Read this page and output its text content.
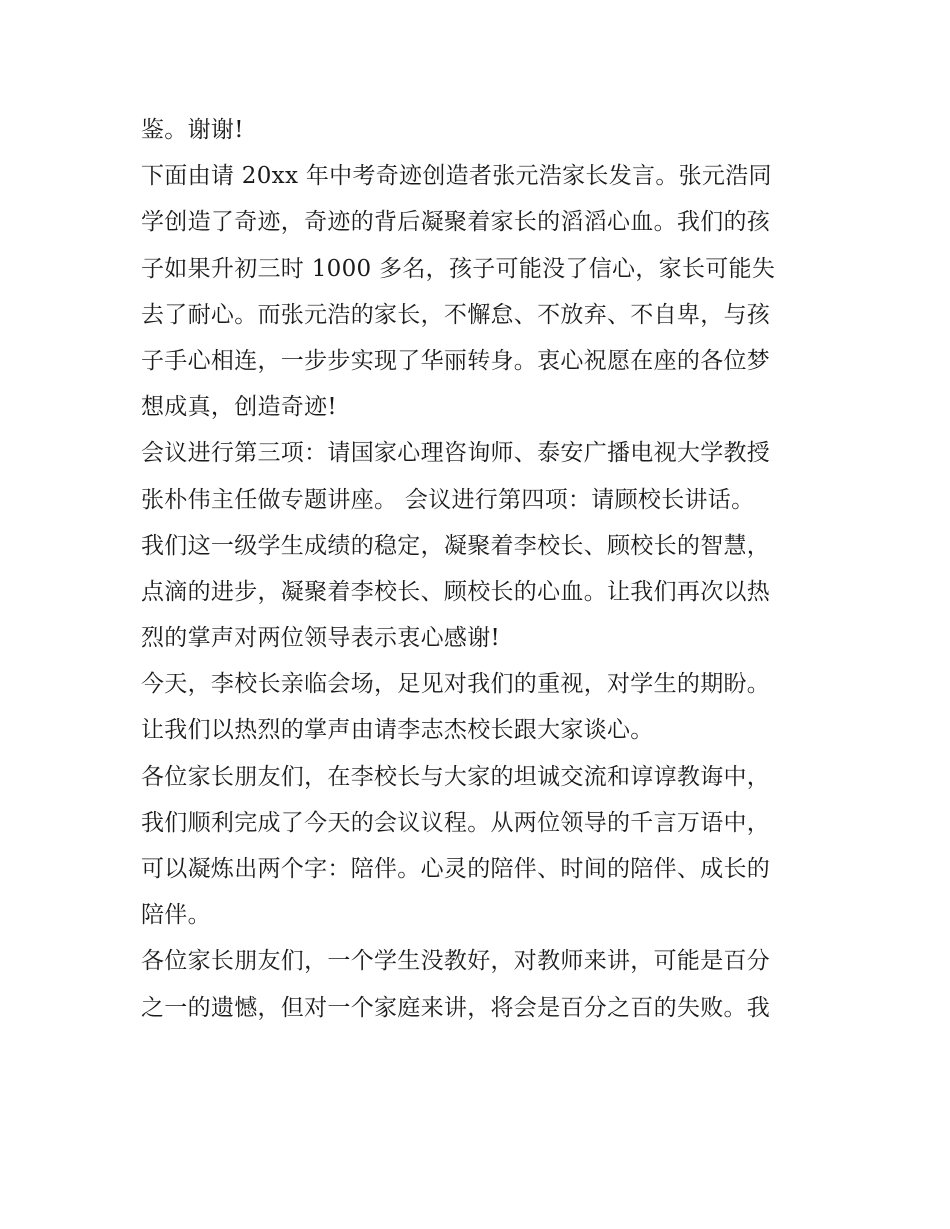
鉴。谢谢!
下面由请 20xx 年中考奇迹创造者张元浩家长发言。张元浩同
学创造了奇迹，奇迹的背后凝聚着家长的滔滔心血。我们的孩
子如果升初三时 1000 多名，孩子可能没了信心，家长可能失
去了耐心。而张元浩的家长，不懈怠、不放弃、不自卑，与孩
子手心相连，一步步实现了华丽转身。衷心祝愿在座的各位梦
想成真，创造奇迹!
会议进行第三项：请国家心理咨询师、泰安广播电视大学教授
张朴伟主任做专题讲座。 会议进行第四项：请顾校长讲话。
我们这一级学生成绩的稳定，凝聚着李校长、顾校长的智慧，
点滴的进步，凝聚着李校长、顾校长的心血。让我们再次以热
烈的掌声对两位领导表示衷心感谢!
今天，李校长亲临会场，足见对我们的重视，对学生的期盼。
让我们以热烈的掌声由请李志杰校长跟大家谈心。
各位家长朋友们，在李校长与大家的坦诚交流和谆谆教诲中，
我们顺利完成了今天的会议议程。从两位领导的千言万语中，
可以凝炼出两个字：陪伴。心灵的陪伴、时间的陪伴、成长的
陪伴。
各位家长朋友们，一个学生没教好，对教师来讲，可能是百分
之一的遗憾，但对一个家庭来讲，将会是百分之百的失败。我
